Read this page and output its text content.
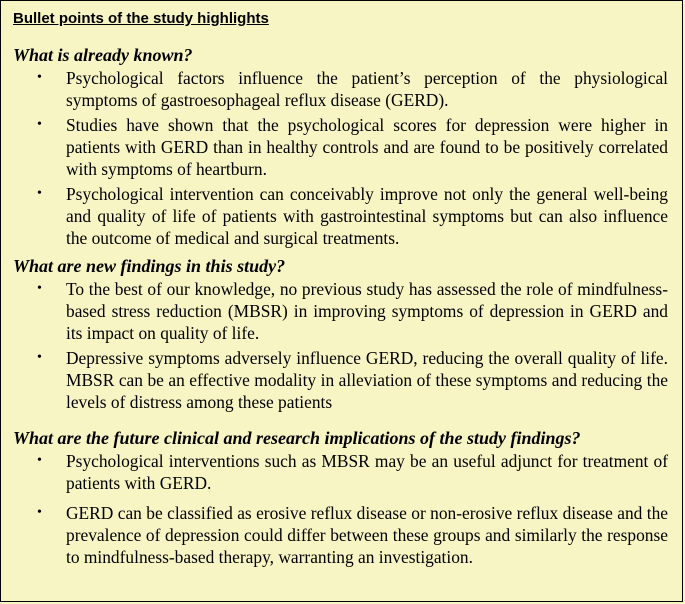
Bullet points of the study highlights
What is already known?
• Psychological factors influence the patient’s perception of the physiological symptoms of gastroesophageal reflux disease (GERD).
• Studies have shown that the psychological scores for depression were higher in patients with GERD than in healthy controls and are found to be positively correlated with symptoms of heartburn.
• Psychological intervention can conceivably improve not only the general well-being and quality of life of patients with gastrointestinal symptoms but can also influence the outcome of medical and surgical treatments.
What are new findings in this study?
• To the best of our knowledge, no previous study has assessed the role of mindfulness-based stress reduction (MBSR) in improving symptoms of depression in GERD and its impact on quality of life.
• Depressive symptoms adversely influence GERD, reducing the overall quality of life. MBSR can be an effective modality in alleviation of these symptoms and reducing the levels of distress among these patients
What are the future clinical and research implications of the study findings?
• Psychological interventions such as MBSR may be an useful adjunct for treatment of patients with GERD.
• GERD can be classified as erosive reflux disease or non-erosive reflux disease and the prevalence of depression could differ between these groups and similarly the response to mindfulness-based therapy, warranting an investigation.
